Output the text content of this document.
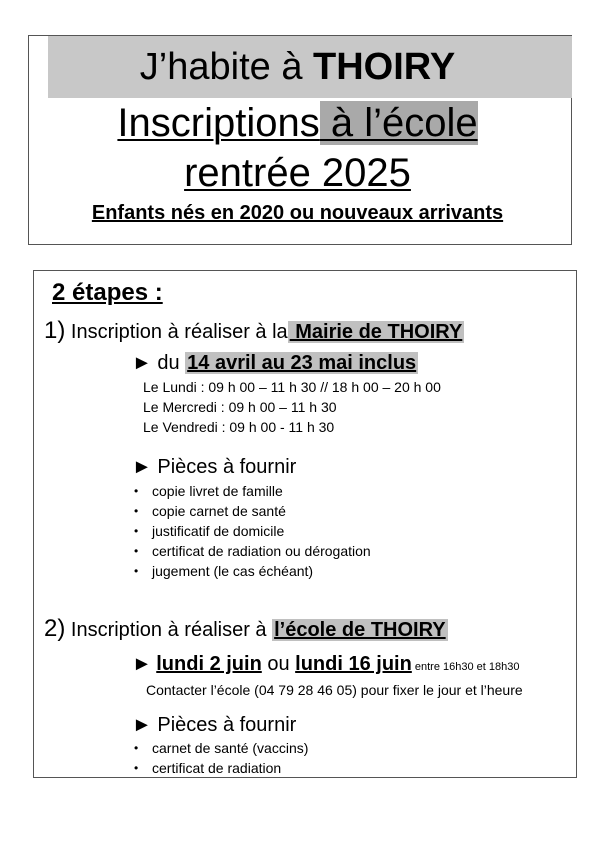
J’habite à THOIRY
Inscriptions à l’école
rentrée 2025
Enfants nés en 2020 ou nouveaux arrivants
2 étapes :
1) Inscription à réaliser à la Mairie de THOIRY
► du 14 avril au 23 mai inclus
Le Lundi : 09 h 00 – 11 h 30 // 18 h 00 – 20 h 00
Le Mercredi : 09 h 00 – 11 h 30
Le Vendredi : 09 h 00 - 11 h 30
► Pièces à fournir
• copie livret de famille
• copie carnet de santé
• justificatif de domicile
• certificat de radiation ou dérogation
• jugement (le cas échéant)
2) Inscription à réaliser à l’école de THOIRY
► lundi 2 juin ou lundi 16 juin entre 16h30 et 18h30
Contacter l’école (04 79 28 46 05) pour fixer le jour et l’heure
► Pièces à fournir
• carnet de santé (vaccins)
• certificat de radiation
